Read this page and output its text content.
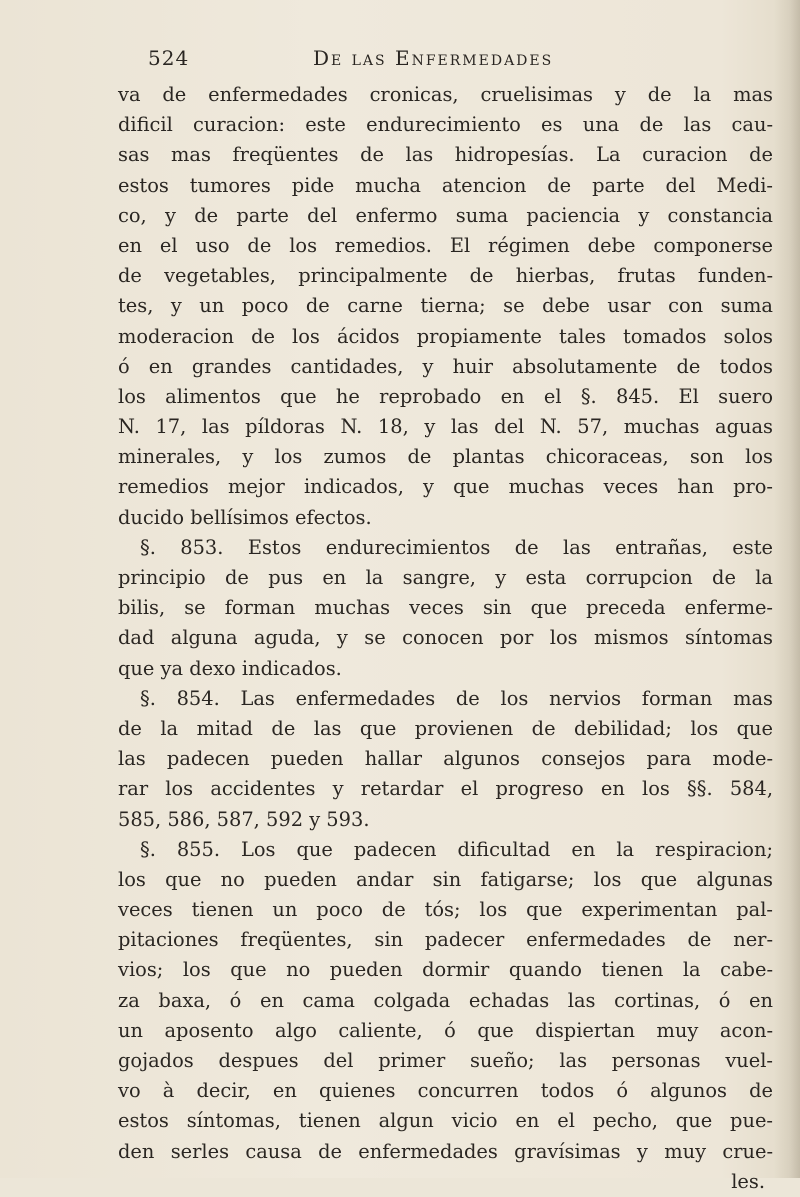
524	De las Enfermedades
va de enfermedades cronicas, cruelisimas y de la mas
dificil curacion: este endurecimiento es una de las cau-
sas mas freqüentes de las hidropesías. La curacion de
estos tumores pide mucha atencion de parte del Medi-
co, y de parte del enfermo suma paciencia y constancia
en el uso de los remedios. El régimen debe componerse
de vegetables, principalmente de hierbas, frutas funden-
tes, y un poco de carne tierna; se debe usar con suma
moderacion de los ácidos propiamente tales tomados solos
ó en grandes cantidades, y huir absolutamente de todos
los alimentos que he reprobado en el §. 845. El suero
N. 17, las píldoras N. 18, y las del N. 57, muchas aguas
minerales, y los zumos de plantas chicoraceas, son los
remedios mejor indicados, y que muchas veces han pro-
ducido bellísimos efectos.
§. 853. Estos endurecimientos de las entrañas, este
principio de pus en la sangre, y esta corrupcion de la
bilis, se forman muchas veces sin que preceda enferme-
dad alguna aguda, y se conocen por los mismos síntomas
que ya dexo indicados.
§. 854. Las enfermedades de los nervios forman mas
de la mitad de las que provienen de debilidad; los que
las padecen pueden hallar algunos consejos para mode-
rar los accidentes y retardar el progreso en los §§. 584,
585, 586, 587, 592 y 593.
§. 855. Los que padecen dificultad en la respiracion;
los que no pueden andar sin fatigarse; los que algunas
veces tienen un poco de tós; los que experimentan pal-
pitaciones freqüentes, sin padecer enfermedades de ner-
vios; los que no pueden dormir quando tienen la cabe-
za baxa, ó en cama colgada echadas las cortinas, ó en
un aposento algo caliente, ó que dispiertan muy acon-
gojados despues del primer sueño; las personas vuel-
vo à decir, en quienes concurren todos ó algunos de
estos síntomas, tienen algun vicio en el pecho, que pue-
den serles causa de enfermedades gravísimas y muy crue-
les.
